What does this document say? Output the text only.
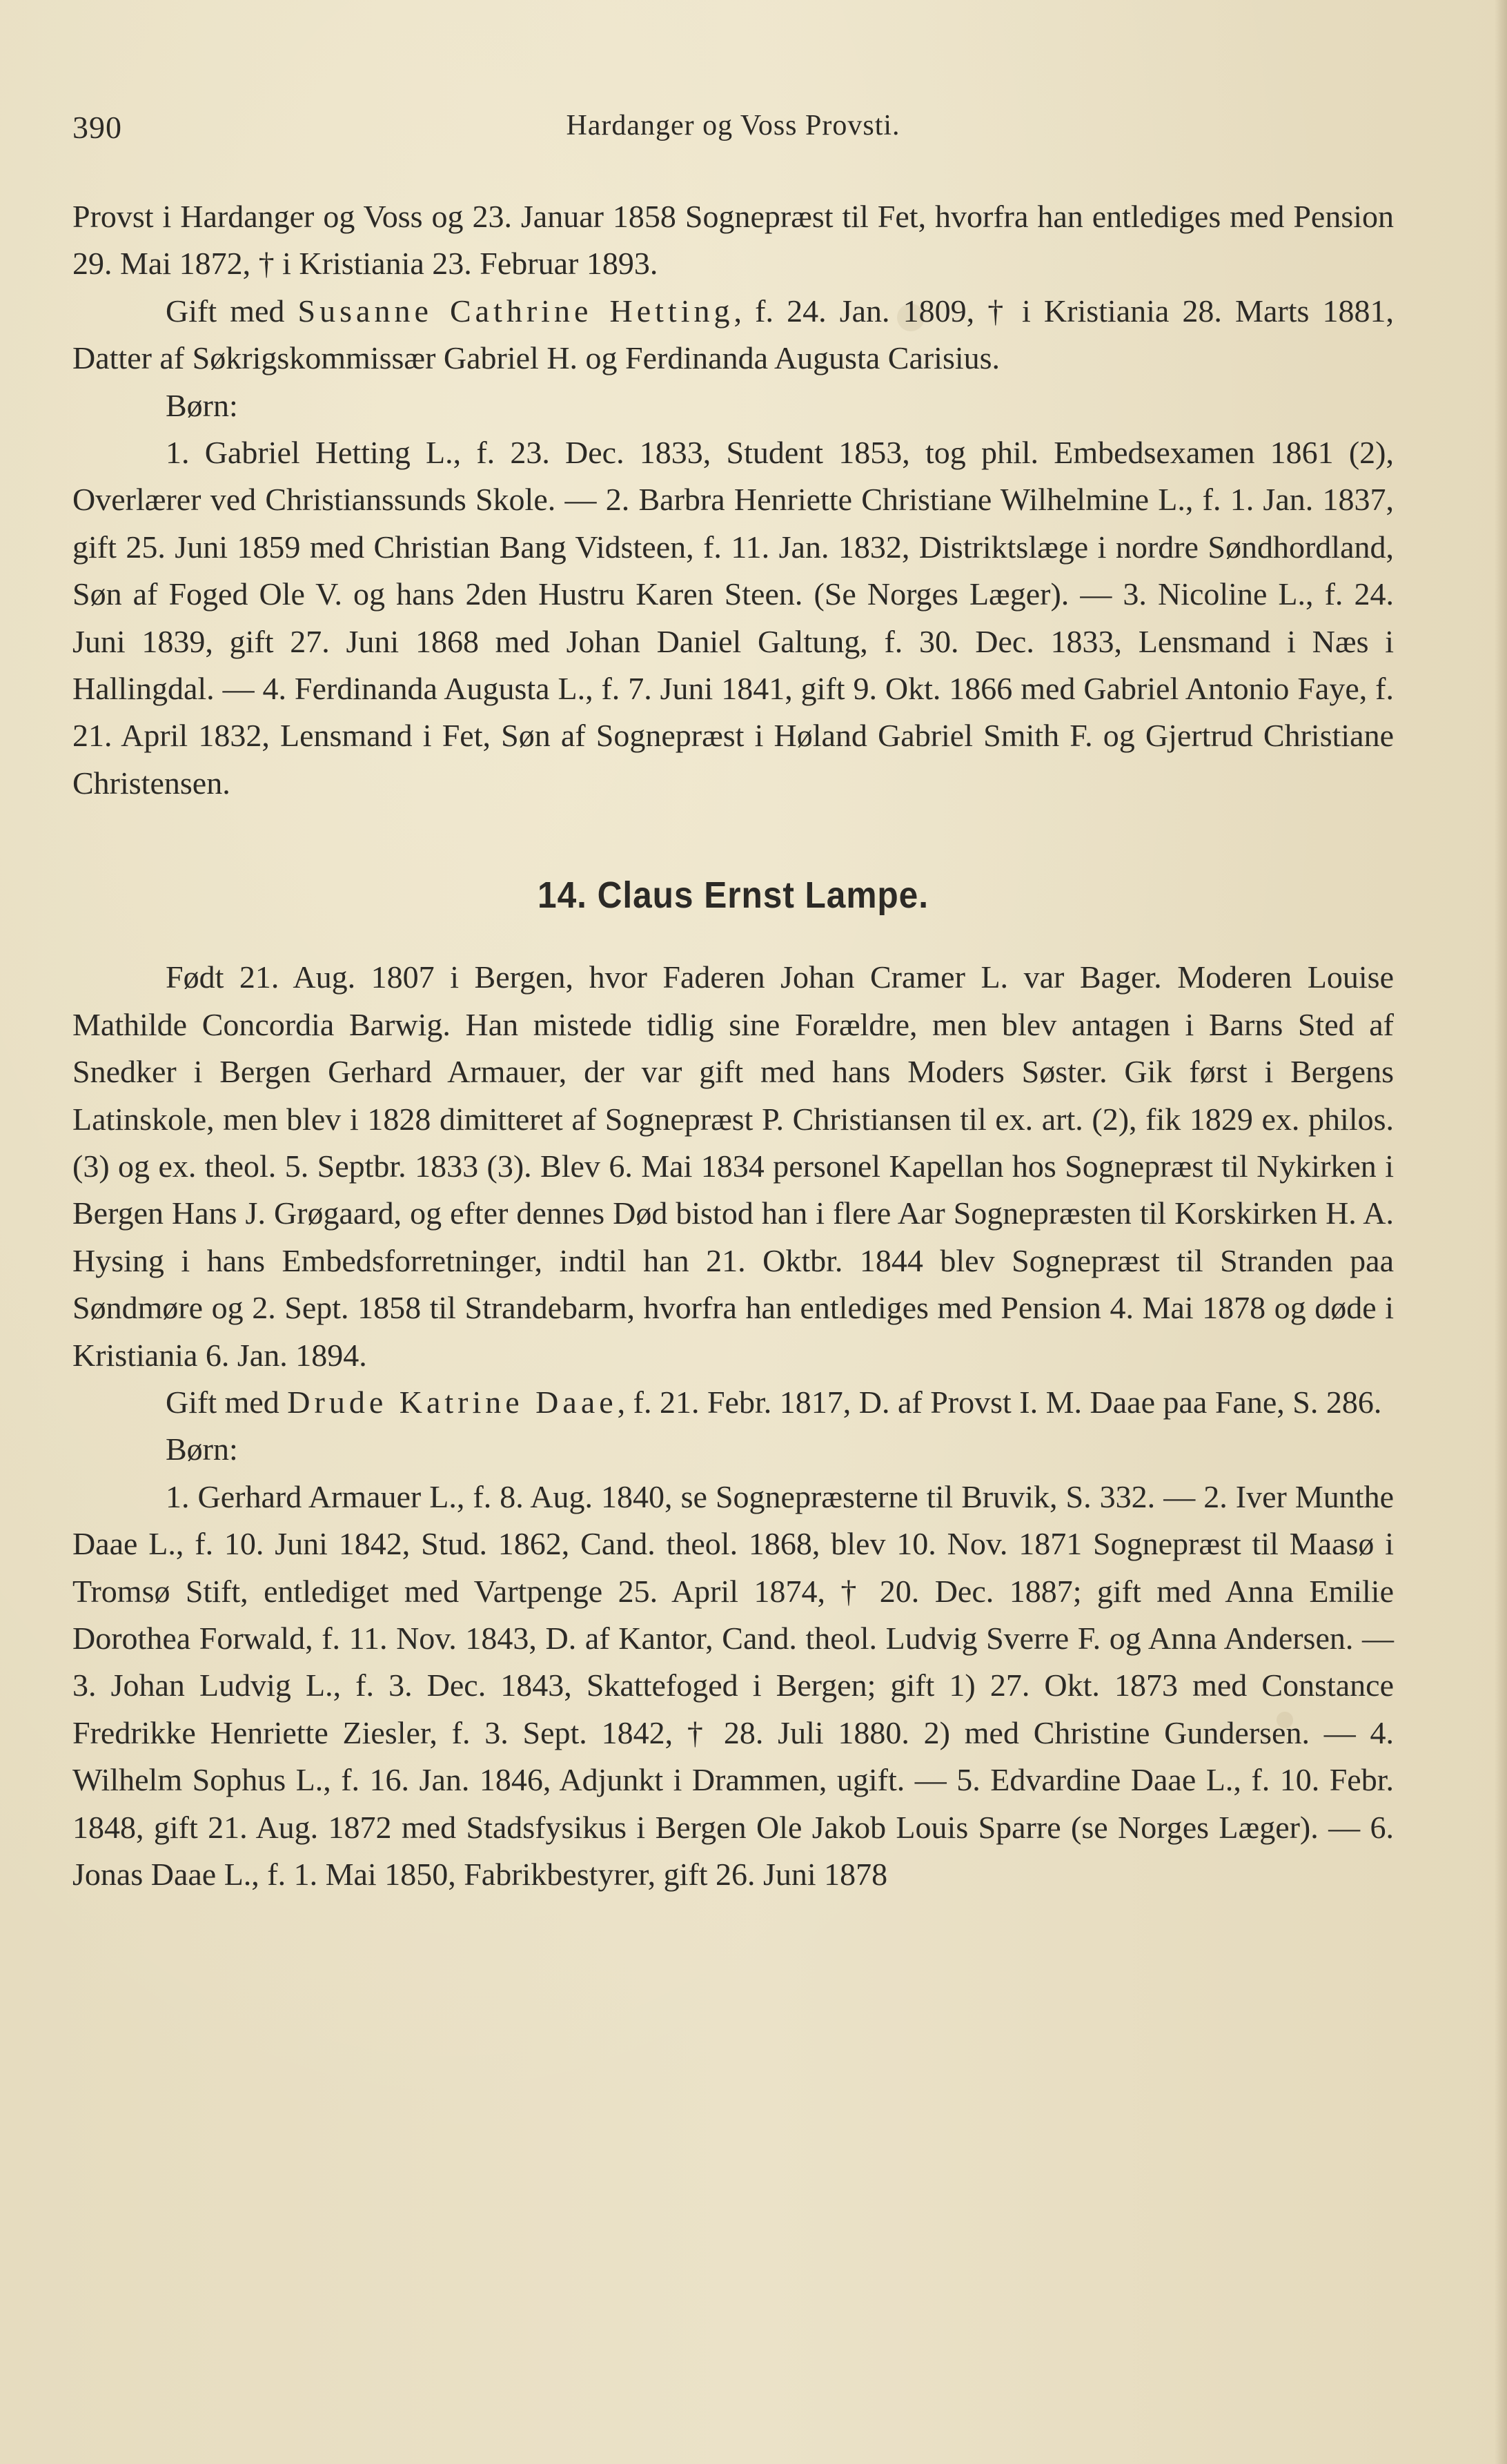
390	Hardanger og Voss Provsti.

Provst i Hardanger og Voss og 23. Januar 1858 Sognepræst til Fet, hvorfra han entlediges med Pension 29. Mai 1872, † i Kristiania 23. Februar 1893.

Gift med Susanne Cathrine Hetting, f. 24. Jan. 1809, † i Kristiania 28. Marts 1881, Datter af Søkrigskommissær Gabriel H. og Ferdinanda Augusta Carisius.

Børn:

1. Gabriel Hetting L., f. 23. Dec. 1833, Student 1853, tog phil. Embedsexamen 1861 (2), Overlærer ved Christianssunds Skole. — 2. Barbra Henriette Christiane Wilhelmine L., f. 1. Jan. 1837, gift 25. Juni 1859 med Christian Bang Vidsteen, f. 11. Jan. 1832, Distriktslæge i nordre Søndhordland, Søn af Foged Ole V. og hans 2den Hustru Karen Steen. (Se Norges Læger). — 3. Nicoline L., f. 24. Juni 1839, gift 27. Juni 1868 med Johan Daniel Galtung, f. 30. Dec. 1833, Lensmand i Næs i Hallingdal. — 4. Ferdinanda Augusta L., f. 7. Juni 1841, gift 9. Okt. 1866 med Gabriel Antonio Faye, f. 21. April 1832, Lensmand i Fet, Søn af Sognepræst i Høland Gabriel Smith F. og Gjertrud Christiane Christensen.

14. Claus Ernst Lampe.

Født 21. Aug. 1807 i Bergen, hvor Faderen Johan Cramer L. var Bager. Moderen Louise Mathilde Concordia Barwig. Han mistede tidlig sine Forældre, men blev antagen i Barns Sted af Snedker i Bergen Gerhard Armauer, der var gift med hans Moders Søster. Gik først i Bergens Latinskole, men blev i 1828 dimitteret af Sognepræst P. Christiansen til ex. art. (2), fik 1829 ex. philos. (3) og ex. theol. 5. Septbr. 1833 (3). Blev 6. Mai 1834 personel Kapellan hos Sognepræst til Nykirken i Bergen Hans J. Grøgaard, og efter dennes Død bistod han i flere Aar Sognepræsten til Korskirken H. A. Hysing i hans Embedsforretninger, indtil han 21. Oktbr. 1844 blev Sognepræst til Stranden paa Søndmøre og 2. Sept. 1858 til Strandebarm, hvorfra han entlediges med Pension 4. Mai 1878 og døde i Kristiania 6. Jan. 1894.

Gift med Drude Katrine Daae, f. 21. Febr. 1817, D. af Provst I. M. Daae paa Fane, S. 286.

Børn:

1. Gerhard Armauer L., f. 8. Aug. 1840, se Sognepræsterne til Bruvik, S. 332. — 2. Iver Munthe Daae L., f. 10. Juni 1842, Stud. 1862, Cand. theol. 1868, blev 10. Nov. 1871 Sognepræst til Maasø i Tromsø Stift, entlediget med Vartpenge 25. April 1874, † 20. Dec. 1887; gift med Anna Emilie Dorothea Forwald, f. 11. Nov. 1843, D. af Kantor, Cand. theol. Ludvig Sverre F. og Anna Andersen. — 3. Johan Ludvig L., f. 3. Dec. 1843, Skattefoged i Bergen; gift 1) 27. Okt. 1873 med Constance Fredrikke Henriette Ziesler, f. 3. Sept. 1842, † 28. Juli 1880. 2) med Christine Gundersen. — 4. Wilhelm Sophus L., f. 16. Jan. 1846, Adjunkt i Drammen, ugift. — 5. Edvardine Daae L., f. 10. Febr. 1848, gift 21. Aug. 1872 med Stadsfysikus i Bergen Ole Jakob Louis Sparre (se Norges Læger). — 6. Jonas Daae L., f. 1. Mai 1850, Fabrikbestyrer, gift 26. Juni 1878
